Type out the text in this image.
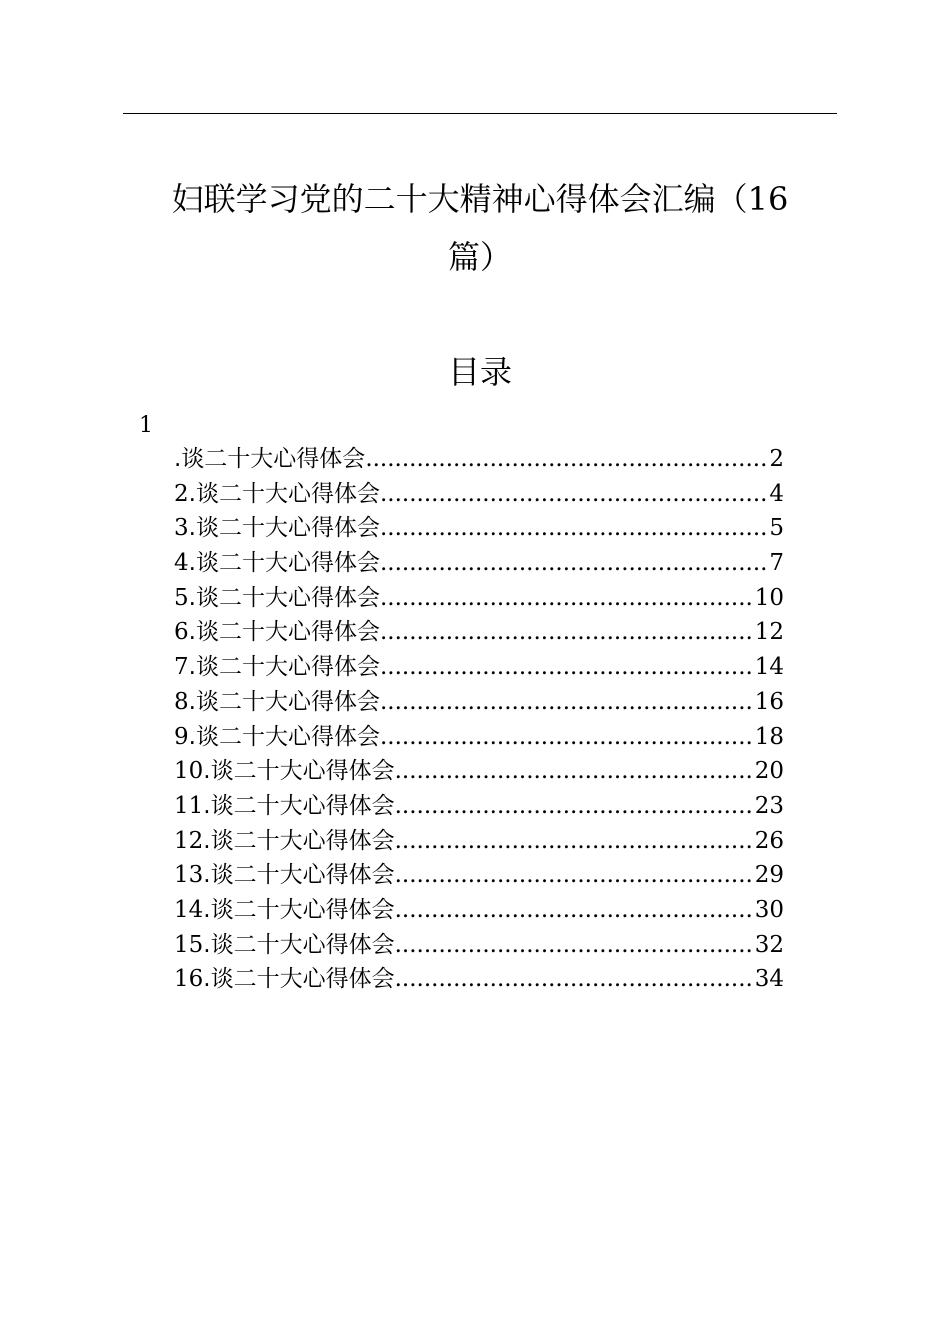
妇联学习党的二十大精神心得体会汇编（16
篇）
目录
1
.谈二十大心得体会 .....	2
2.谈二十大心得体会 .....	4
3.谈二十大心得体会 .....	5
4.谈二十大心得体会 .....	7
5.谈二十大心得体会 .....	10
6.谈二十大心得体会 .....	12
7.谈二十大心得体会 .....	14
8.谈二十大心得体会 .....	16
9.谈二十大心得体会 .....	18
10.谈二十大心得体会 .....	20
11.谈二十大心得体会 .....	23
12.谈二十大心得体会 .....	26
13.谈二十大心得体会 .....	29
14.谈二十大心得体会 .....	30
15.谈二十大心得体会 .....	32
16.谈二十大心得体会 .....	34
